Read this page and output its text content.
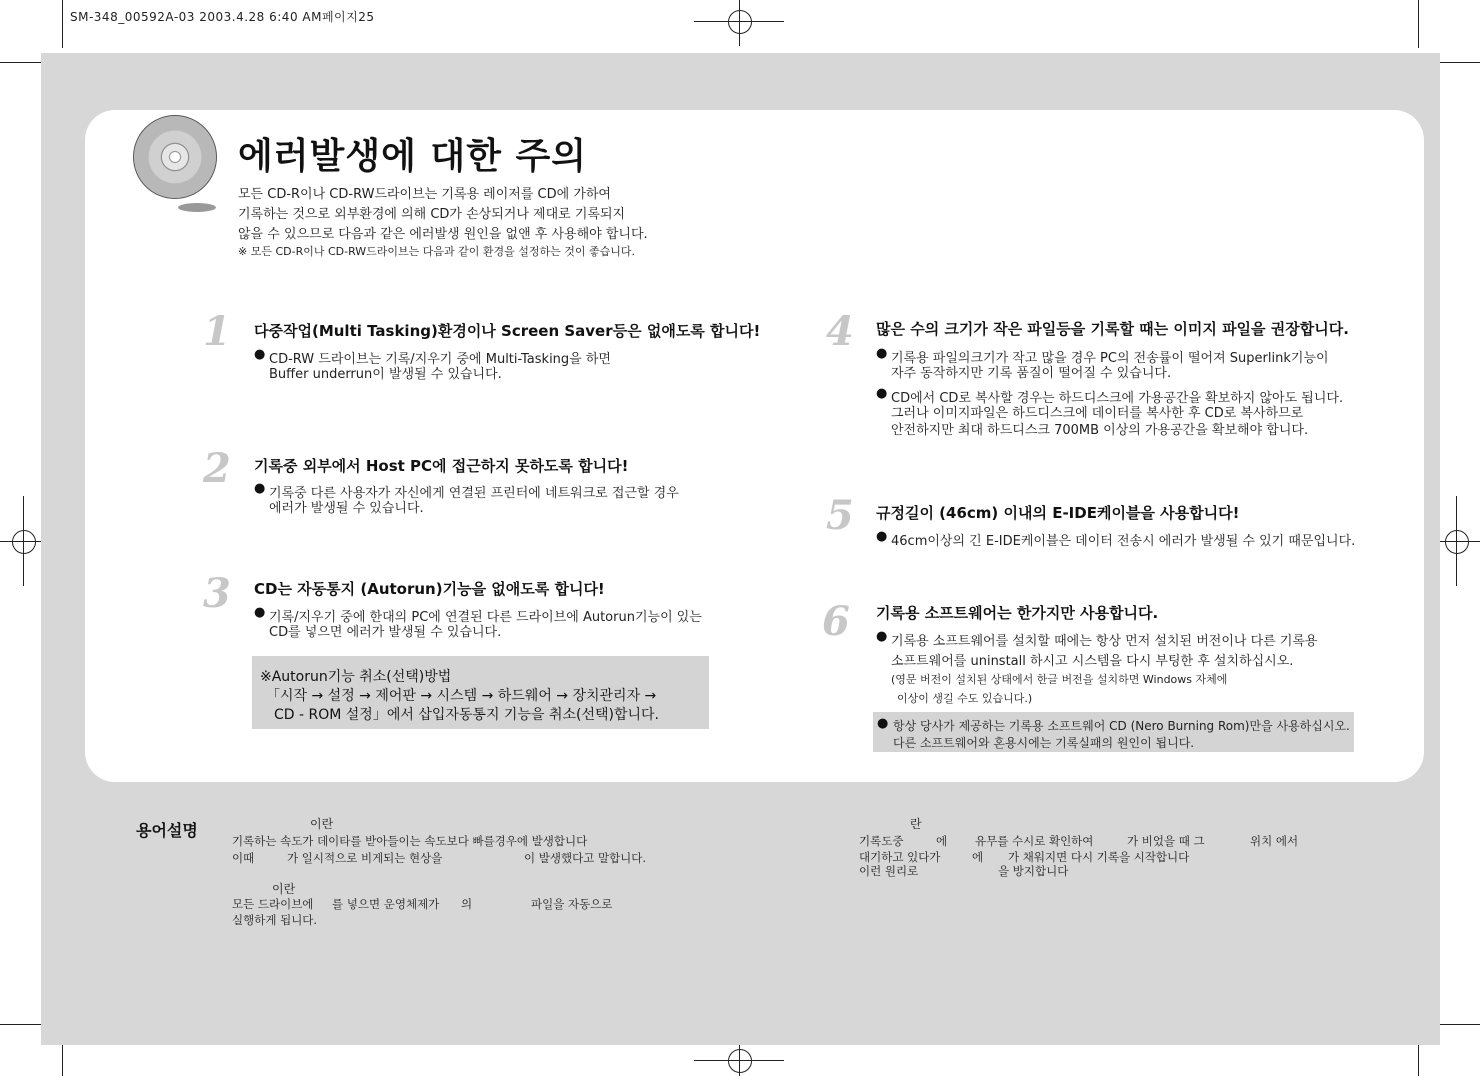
SM-348_00592A-03 2003.4.28 6:40 AM페이지25
에러발생에 대한 주의
모든 CD-R이나 CD-RW드라이브는 기록용 레이저를 CD에 가하여
기록하는 것으로 외부환경에 의해 CD가 손상되거나 제대로 기록되지
않을 수 있으므로 다음과 같은 에러발생 원인을 없앤 후 사용해야 합니다.
※ 모든 CD-R이나 CD-RW드라이브는 다음과 같이 환경을 설정하는 것이 좋습니다.
1 다중작업(Multi Tasking)환경이나 Screen Saver등은 없애도록 합니다!
● CD-RW 드라이브는 기록/지우기 중에 Multi-Tasking을 하면
Buffer underrun이 발생될 수 있습니다.
2 기록중 외부에서 Host PC에 접근하지 못하도록 합니다!
● 기록중 다른 사용자가 자신에게 연결된 프린터에 네트워크로 접근할 경우
에러가 발생될 수 있습니다.
3 CD는 자동통지 (Autorun)기능을 없애도록 합니다!
● 기록/지우기 중에 한대의 PC에 연결된 다른 드라이브에 Autorun기능이 있는
CD를 넣으면 에러가 발생될 수 있습니다.
※Autorun기능 취소(선택)방법
「시작 → 설정 → 제어판 → 시스템 → 하드웨어 → 장치관리자 →
CD - ROM 설정」에서 삽입자동통지 기능을 취소(선택)합니다.
4 많은 수의 크기가 작은 파일등을 기록할 때는 이미지 파일을 권장합니다.
● 기록용 파일의크기가 작고 많을 경우 PC의 전송률이 떨어져 Superlink기능이
자주 동작하지만 기록 품질이 떨어질 수 있습니다.
● CD에서 CD로 복사할 경우는 하드디스크에 가용공간을 확보하지 않아도 됩니다.
그러나 이미지파일은 하드디스크에 데이터를 복사한 후 CD로 복사하므로
안전하지만 최대 하드디스크 700MB 이상의 가용공간을 확보해야 합니다.
5 규정길이 (46cm) 이내의 E-IDE케이블을 사용합니다!
● 46cm이상의 긴 E-IDE케이블은 데이터 전송시 에러가 발생될 수 있기 때문입니다.
6 기록용 소프트웨어는 한가지만 사용합니다.
● 기록용 소프트웨어를 설치할 때에는 항상 먼저 설치된 버전이나 다른 기록용
소프트웨어를 uninstall 하시고 시스템을 다시 부팅한 후 설치하십시오.
(영문 버전이 설치된 상태에서 한글 버전을 설치하면 Windows 자체에
이상이 생길 수도 있습니다.)
● 항상 당사가 제공하는 기록용 소프트웨어 CD (Nero Burning Rom)만을 사용하십시오.
다른 소프트웨어와 혼용시에는 기록실패의 원인이 됩니다.
용어설명	이란
기록하는 속도가 데이타를 받아들이는 속도보다 빠를경우에 발생합니다
이때	가 일시적으로 비게되는 현상을	이 발생했다고 말합니다.
이란
모든 드라이브에 를 넣으면 운영체제가 의	파일을 자동으로
실행하게 됩니다.
란
기록도중	에 유무를 수시로 확인하여	가 비었을 때 그	위치 에서
대기하고 있다가	에 가 채워지면 다시 기록을 시작합니다
이런 원리로	을 방지합니다
